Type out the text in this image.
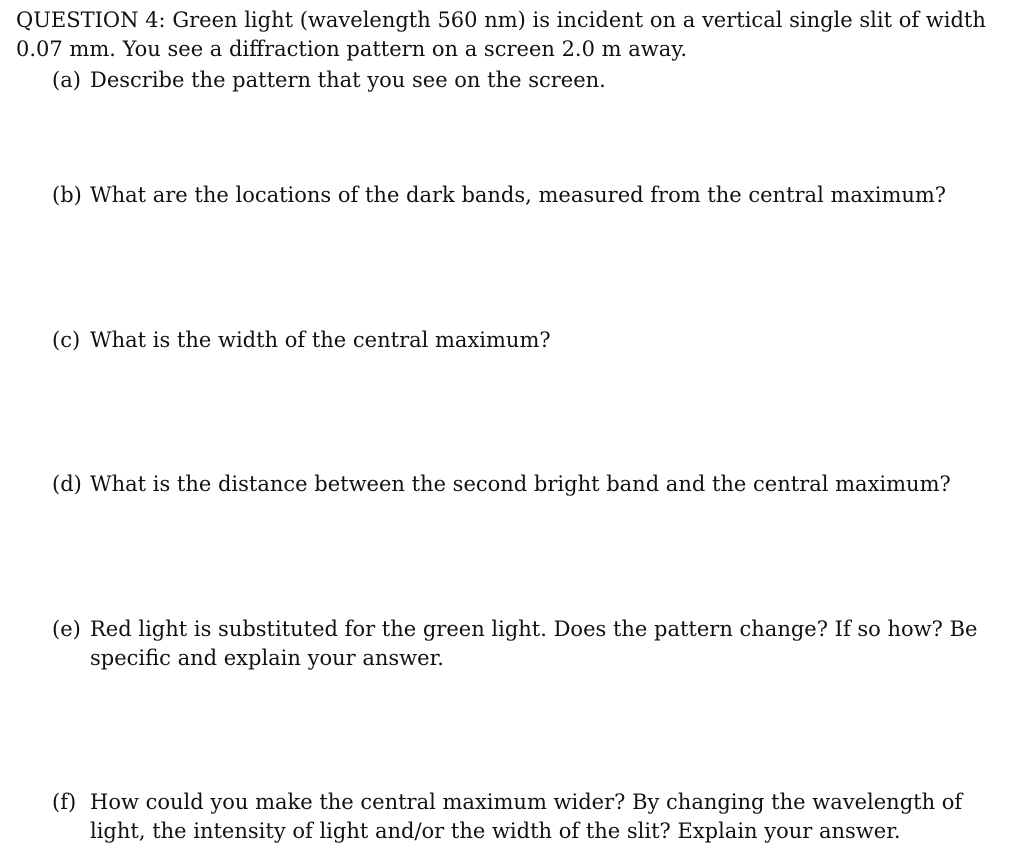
QUESTION 4: Green light (wavelength 560 nm) is incident on a vertical single slit of width 0.07 mm. You see a diffraction pattern on a screen 2.0 m away.
(a) Describe the pattern that you see on the screen.
(b) What are the locations of the dark bands, measured from the central maximum?
(c) What is the width of the central maximum?
(d) What is the distance between the second bright band and the central maximum?
(e) Red light is substituted for the green light. Does the pattern change? If so how? Be specific and explain your answer.
(f) How could you make the central maximum wider? By changing the wavelength of light, the intensity of light and/or the width of the slit? Explain your answer.
